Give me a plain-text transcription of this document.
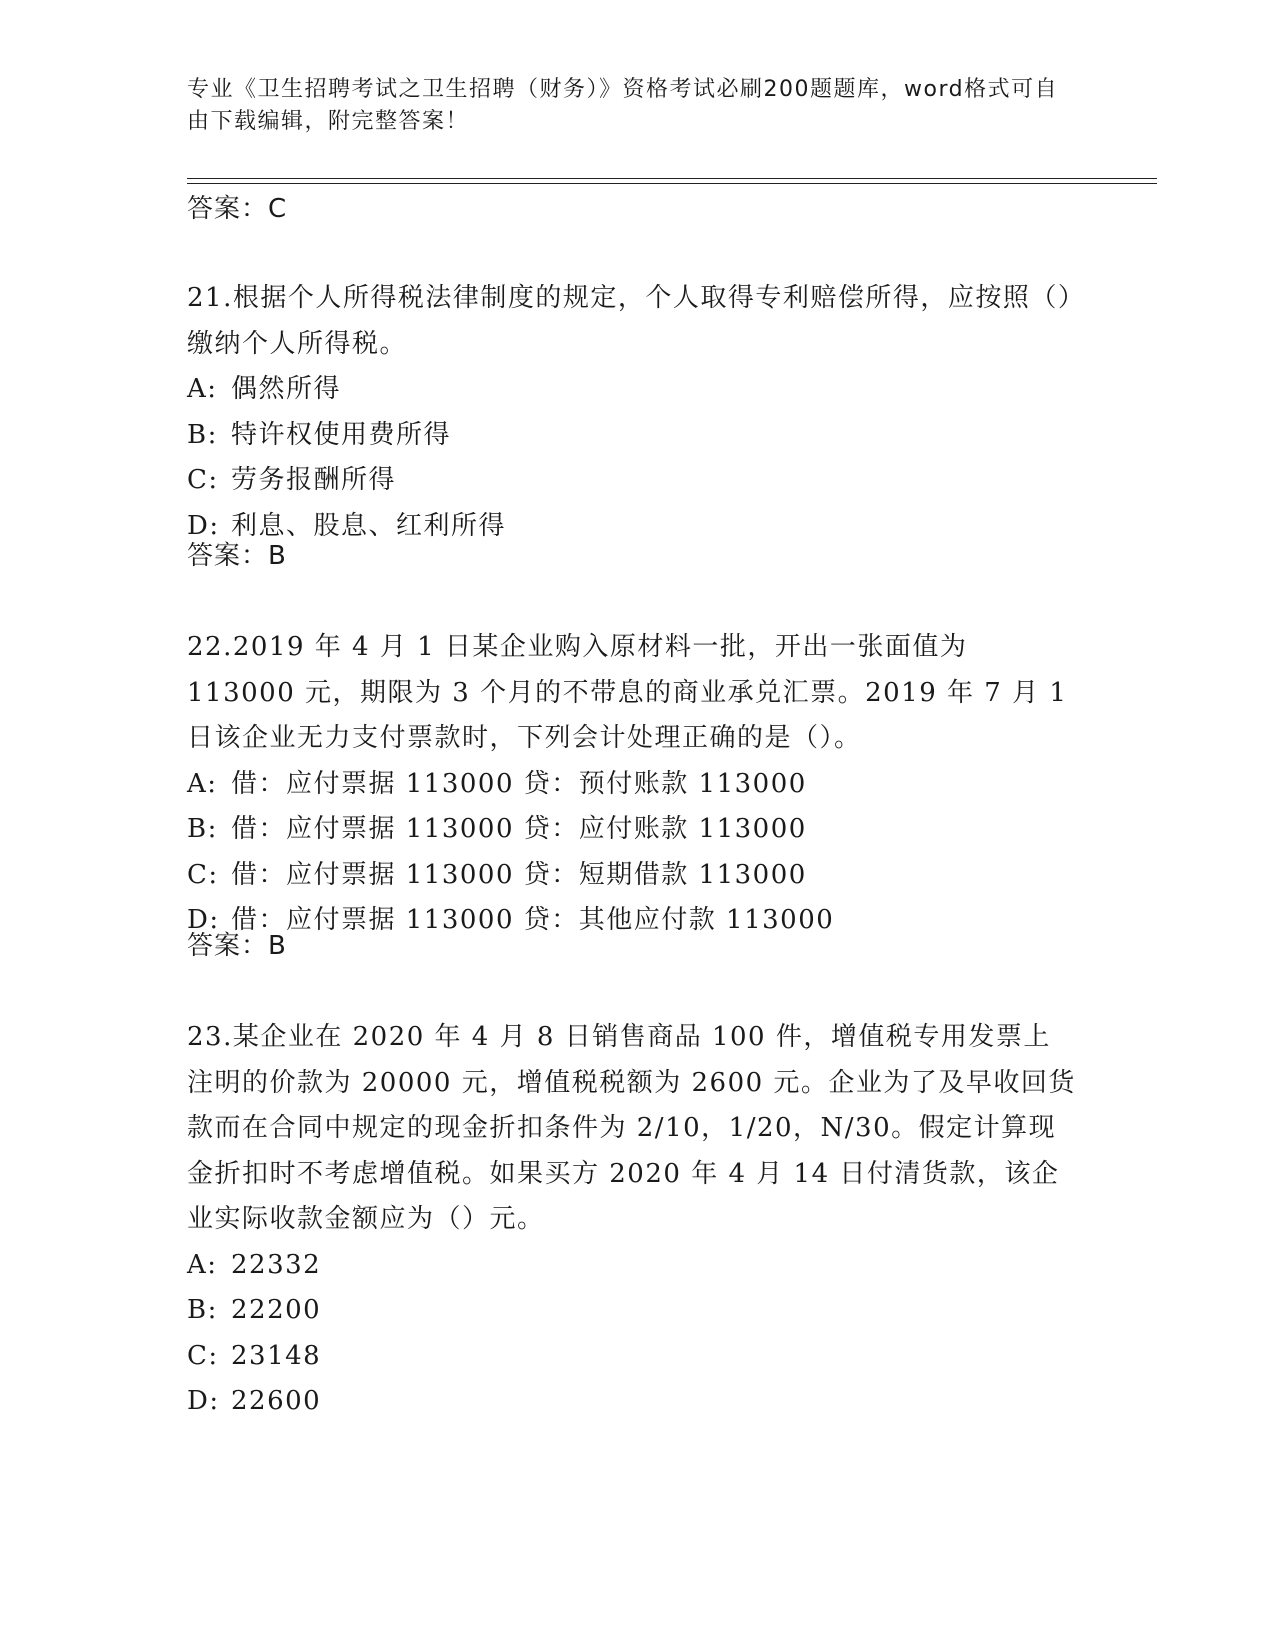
专业《卫生招聘考试之卫生招聘（财务）》资格考试必刷200题题库，word格式可自由下载编辑，附完整答案！
答案：C

21.根据个人所得税法律制度的规定，个人取得专利赔偿所得，应按照（）缴纳个人所得税。

A: 偶然所得

B: 特许权使用费所得

C: 劳务报酬所得

D: 利息、股息、红利所得

答案：B

22.2019 年 4 月 1 日某企业购入原材料一批，开出一张面值为 113000 元，期限为 3 个月的不带息的商业承兑汇票。2019 年 7 月 1 日该企业无力支付票款时，下列会计处理正确的是（）。

A: 借：应付票据 113000 贷：预付账款 113000

B: 借：应付票据 113000 贷：应付账款 113000

C: 借：应付票据 113000 贷：短期借款 113000

D: 借：应付票据 113000 贷：其他应付款 113000

答案：B

23.某企业在 2020 年 4 月 8 日销售商品 100 件，增值税专用发票上注明的价款为 20000 元，增值税税额为 2600 元。企业为了及早收回货款而在合同中规定的现金折扣条件为 2/10，1/20，N/30。假定计算现金折扣时不考虑增值税。如果买方 2020 年 4 月 14 日付清货款，该企业实际收款金额应为（）元。

A: 22332

B: 22200

C: 23148

D: 22600
